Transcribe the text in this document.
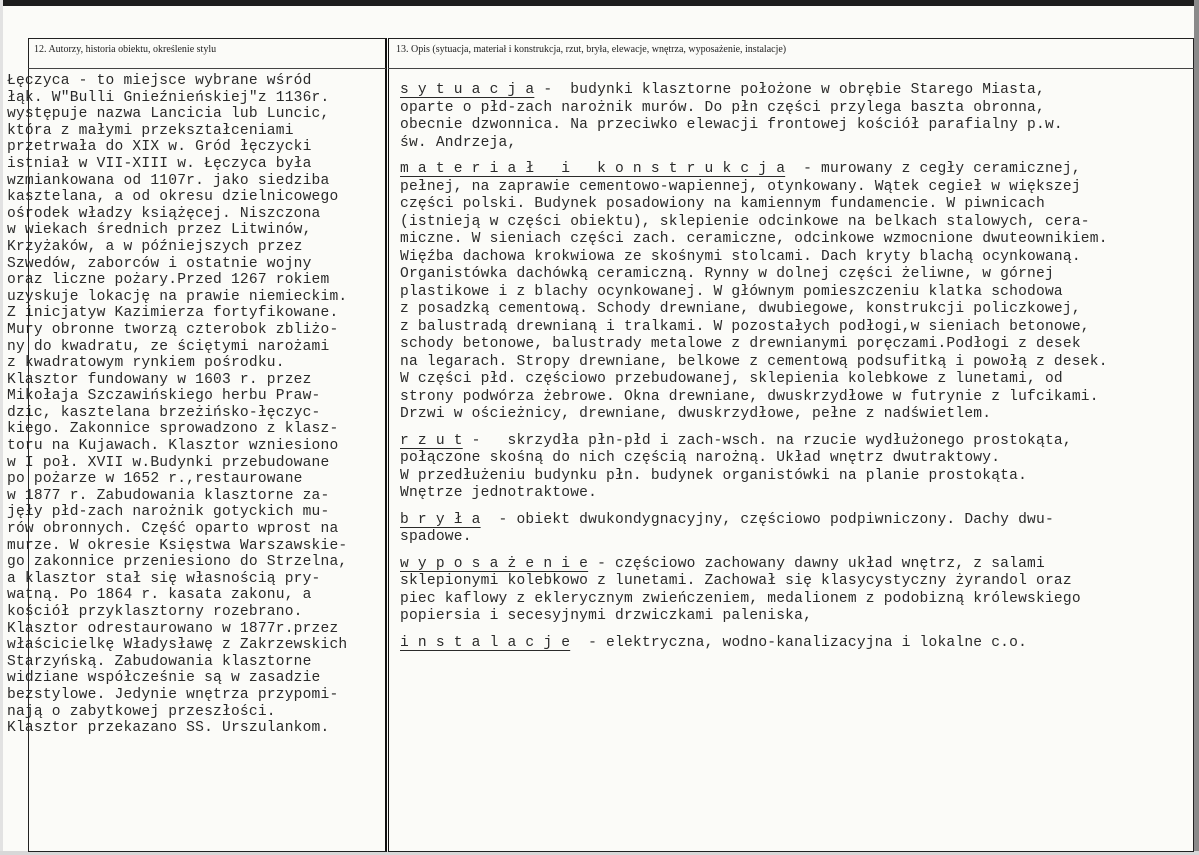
12. Autorzy, historia obiektu, określenie stylu	13. Opis (sytuacja, materiał i konstrukcja, rzut, bryła, elewacje, wnętrza, wyposażenie, instalacje)
Łęczyca - to miejsce wybrane wśród
łąk. W"Bulli Gnieźnieńskiej"z 1136r.
występuje nazwa Lancicia lub Luncic,
która z małymi przekształceniami
przetrwała do XIX w. Gród łęczycki
istniał w VII-XIII w. Łęczyca była
wzmiankowana od 1107r. jako siedziba
kasztelana, a od okresu dzielnicowego
ośrodek władzy książęcej. Niszczona
w wiekach średnich przez Litwinów,
Krzyżaków, a w późniejszych przez
Szwedów, zaborców i ostatnie wojny
oraz liczne pożary.Przed 1267 rokiem
uzyskuje lokację na prawie niemieckim.
Z inicjatyw Kazimierza fortyfikowane.
Mury obronne tworzą czterobok zbliżo-
ny do kwadratu, ze ściętymi narożami
z kwadratowym rynkiem pośrodku.
Klasztor fundowany w 1603 r. przez
Mikołaja Szczawińskiego herbu Praw-
dzic, kasztelana brzeżińsko-łęczyc-
kiego. Zakonnice sprowadzono z klasz-
toru na Kujawach. Klasztor wzniesiono
w I poł. XVII w.Budynki przebudowane
po pożarze w 1652 r.,restaurowane
w 1877 r. Zabudowania klasztorne za-
jęły płd-zach narożnik gotyckich mu-
rów obronnych. Część oparto wprost na
murze. W okresie Księstwa Warszawskie-
go zakonnice przeniesiono do Strzelna,
a klasztor stał się własnością pry-
watną. Po 1864 r. kasata zakonu, a
kościół przyklasztorny rozebrano.
Klasztor odrestaurowano w 1877r.przez
właścicielkę Władysławę z Zakrzewskich
Starzyńską. Zabudowania klasztorne
widziane współcześnie są w zasadzie
bezstylowe. Jedynie wnętrza przypomi-
nają o zabytkowej przeszłości.
Klasztor przekazano SS. Urszulankom.
s y t u a c j a -  budynki klasztorne położone w obrębie Starego Miasta,
oparte o płd-zach narożnik murów. Do płn części przylega baszta obronna,
obecnie dzwonnica. Na przeciwko elewacji frontowej kościół parafialny p.w.
św. Andrzeja,
m a t e r i a ł   i   k o n s t r u k c j a  - murowany z cegły ceramicznej,
pełnej, na zaprawie cementowo-wapiennej, otynkowany. Wątek cegieł w większej
części polski. Budynek posadowiony na kamiennym fundamencie. W piwnicach
(istnieją w części obiektu), sklepienie odcinkowe na belkach stalowych, cera-
miczne. W sieniach części zach. ceramiczne, odcinkowe wzmocnione dwuteownikiem.
Więźba dachowa krokwiowa ze skośnymi stolcami. Dach kryty blachą ocynkowaną.
Organistówka dachówką ceramiczną. Rynny w dolnej części żeliwne, w górnej
plastikowe i z blachy ocynkowanej. W głównym pomieszczeniu klatka schodowa
z posadzką cementową. Schody drewniane, dwubiegowe, konstrukcji policzkowej,
z balustradą drewnianą i tralkami. W pozostałych podłogi,w sieniach betonowe,
schody betonowe, balustrady metalowe z drewnianymi poręczami.Podłogi z desek
na legarach. Stropy drewniane, belkowe z cementową podsufitką i powołą z desek.
W części płd. częściowo przebudowanej, sklepienia kolebkowe z lunetami, od
strony podwórza żebrowe. Okna drewniane, dwuskrzydłowe w futrynie z lufcikami.
Drzwi w ościeżnicy, drewniane, dwuskrzydłowe, pełne z nadświetlem.
r z u t -   skrzydła płn-płd i zach-wsch. na rzucie wydłużonego prostokąta,
połączone skośną do nich częścią narożną. Układ wnętrz dwutraktowy.
W przedłużeniu budynku płn. budynek organistówki na planie prostokąta.
Wnętrze jednotraktowe.
b r y ł a  - obiekt dwukondygnacyjny, częściowo podpiwniczony. Dachy dwu-
spadowe.
w y p o s a ż e n i e - częściowo zachowany dawny układ wnętrz, z salami
sklepionymi kolebkowo z lunetami. Zachował się klasycystyczny żyrandol oraz
piec kaflowy z eklerycznym zwieńczeniem, medalionem z podobizną królewskiego
popiersia i secesyjnymi drzwiczkami paleniska,
i n s t a l a c j e  - elektryczna, wodno-kanalizacyjna i lokalne c.o.
